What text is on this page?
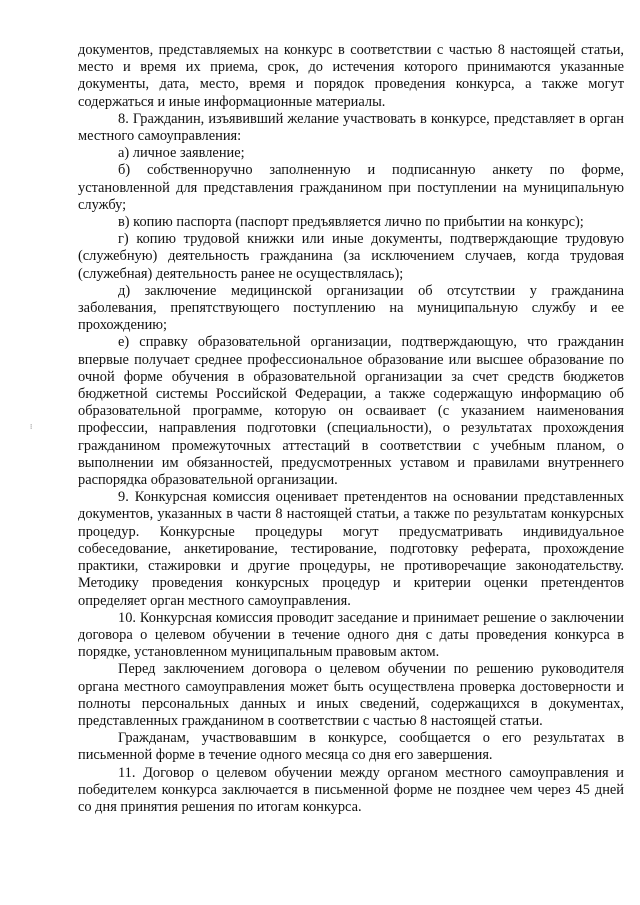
⁞

документов, представляемых на конкурс в соответствии с частью 8 настоящей статьи, место и время их приема, срок, до истечения которого принимаются указанные документы, дата, место, время и порядок проведения конкурса, а также могут содержаться и иные информационные материалы.

8. Гражданин, изъявивший желание участвовать в конкурсе, представляет в орган местного самоуправления:

а) личное заявление;

б) собственноручно заполненную и подписанную анкету по форме, установленной для представления гражданином при поступлении на муниципальную службу;

в) копию паспорта (паспорт предъявляется лично по прибытии на конкурс);

г) копию трудовой книжки или иные документы, подтверждающие трудовую (служебную) деятельность гражданина (за исключением случаев, когда трудовая (служебная) деятельность ранее не осуществлялась);

д) заключение медицинской организации об отсутствии у гражданина заболевания, препятствующего поступлению на муниципальную службу и ее прохождению;

е) справку образовательной организации, подтверждающую, что гражданин впервые получает среднее профессиональное образование или высшее образование по очной форме обучения в образовательной организации за счет средств бюджетов бюджетной системы Российской Федерации, а также содержащую информацию об образовательной программе, которую он осваивает (с указанием наименования профессии, направления подготовки (специальности), о результатах прохождения гражданином промежуточных аттестаций в соответствии с учебным планом, о выполнении им обязанностей, предусмотренных уставом и правилами внутреннего распорядка образовательной организации.

9. Конкурсная комиссия оценивает претендентов на основании представленных документов, указанных в части 8 настоящей статьи, а также по результатам конкурсных процедур. Конкурсные процедуры могут предусматривать индивидуальное собеседование, анкетирование, тестирование, подготовку реферата, прохождение практики, стажировки и другие процедуры, не противоречащие законодательству. Методику проведения конкурсных процедур и критерии оценки претендентов определяет орган местного самоуправления.

10. Конкурсная комиссия проводит заседание и принимает решение о заключении договора о целевом обучении в течение одного дня с даты проведения конкурса в порядке, установленном муниципальным правовым актом.

Перед заключением договора о целевом обучении по решению руководителя органа местного самоуправления может быть осуществлена проверка достоверности и полноты персональных данных и иных сведений, содержащихся в документах, представленных гражданином в соответствии с частью 8 настоящей статьи.

Гражданам, участвовавшим в конкурсе, сообщается о его результатах в письменной форме в течение одного месяца со дня его завершения.

11. Договор о целевом обучении между органом местного самоуправления и победителем конкурса заключается в письменной форме не позднее чем через 45 дней со дня принятия решения по итогам конкурса.
